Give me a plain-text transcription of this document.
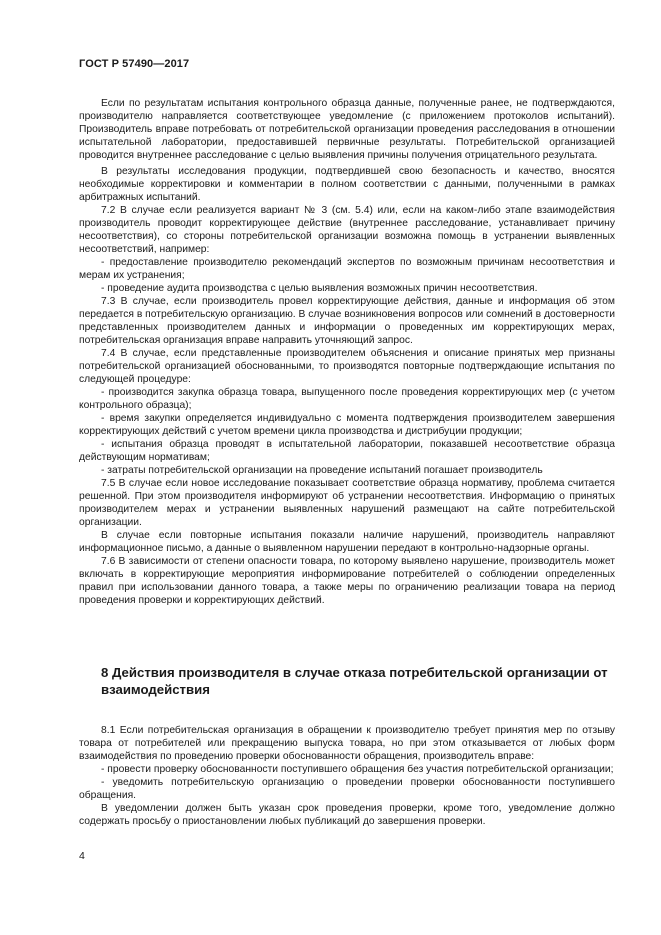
ГОСТ Р 57490—2017

Если по результатам испытания контрольного образца данные, полученные ранее, не подтверждаются, производителю направляется соответствующее уведомление (с приложением протоколов испытаний). Производитель вправе потребовать от потребительской организации проведения расследования в отношении испытательной лаборатории, предоставившей первичные результаты. Потребительской организацией проводится внутреннее расследование с целью выявления причины получения отрицательного результата.

В результаты исследования продукции, подтвердившей свою безопасность и качество, вносятся необходимые корректировки и комментарии в полном соответствии с данными, полученными в рамках арбитражных испытаний.

7.2 В случае если реализуется вариант № 3 (см. 5.4) или, если на каком-либо этапе взаимодействия производитель проводит корректирующее действие (внутреннее расследование, устанавливает причину несоответствия), со стороны потребительской организации возможна помощь в устранении выявленных несоответствий, например:

- предоставление производителю рекомендаций экспертов по возможным причинам несоответствия и мерам их устранения;

- проведение аудита производства с целью выявления возможных причин несоответствия.

7.3 В случае, если производитель провел корректирующие действия, данные и информация об этом передается в потребительскую организацию. В случае возникновения вопросов или сомнений в достоверности представленных производителем данных и информации о проведенных им корректирующих мерах, потребительская организация вправе направить уточняющий запрос.

7.4 В случае, если представленные производителем объяснения и описание принятых мер признаны потребительской организацией обоснованными, то производятся повторные подтверждающие испытания по следующей процедуре:

- производится закупка образца товара, выпущенного после проведения корректирующих мер (с учетом контрольного образца);

- время закупки определяется индивидуально с момента подтверждения производителем завершения корректирующих действий с учетом времени цикла производства и дистрибуции продукции;

- испытания образца проводят в испытательной лаборатории, показавшей несоответствие образца действующим нормативам;

- затраты потребительской организации на проведение испытаний погашает производитель

7.5 В случае если новое исследование показывает соответствие образца нормативу, проблема считается решенной. При этом производителя информируют об устранении несоответствия. Информацию о принятых производителем мерах и устранении выявленных нарушений размещают на сайте потребительской организации.

В случае если повторные испытания показали наличие нарушений, производитель направляют информационное письмо, а данные о выявленном нарушении передают в контрольно-надзорные органы.

7.6 В зависимости от степени опасности товара, по которому выявлено нарушение, производитель может включать в корректирующие мероприятия информирование потребителей о соблюдении определенных правил при использовании данного товара, а также меры по ограничению реализации товара на период проведения проверки и корректирующих действий.

8 Действия производителя в случае отказа потребительской организации от взаимодействия

8.1 Если потребительская организация в обращении к производителю требует принятия мер по отзыву товара от потребителей или прекращению выпуска товара, но при этом отказывается от любых форм взаимодействия по проведению проверки обоснованности обращения, производитель вправе:

- провести проверку обоснованности поступившего обращения без участия потребительской организации;

- уведомить потребительскую организацию о проведении проверки обоснованности поступившего обращения.

В уведомлении должен быть указан срок проведения проверки, кроме того, уведомление должно содержать просьбу о приостановлении любых публикаций до завершения проверки.

4
